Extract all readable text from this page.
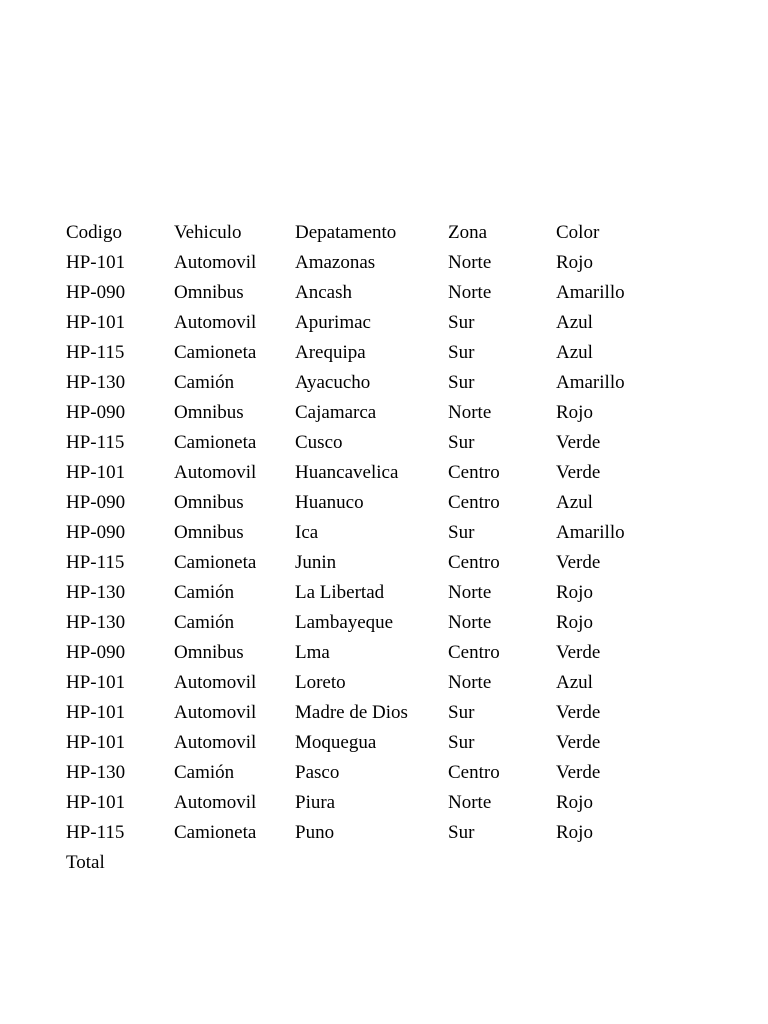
Codigo	Vehiculo	Depatamento	Zona	Color
HP-101	Automovil	Amazonas	Norte	Rojo
HP-090	Omnibus	Ancash	Norte	Amarillo
HP-101	Automovil	Apurimac	Sur	Azul
HP-115	Camioneta	Arequipa	Sur	Azul
HP-130	Camión	Ayacucho	Sur	Amarillo
HP-090	Omnibus	Cajamarca	Norte	Rojo
HP-115	Camioneta	Cusco	Sur	Verde
HP-101	Automovil	Huancavelica	Centro	Verde
HP-090	Omnibus	Huanuco	Centro	Azul
HP-090	Omnibus	Ica	Sur	Amarillo
HP-115	Camioneta	Junin	Centro	Verde
HP-130	Camión	La Libertad	Norte	Rojo
HP-130	Camión	Lambayeque	Norte	Rojo
HP-090	Omnibus	Lma	Centro	Verde
HP-101	Automovil	Loreto	Norte	Azul
HP-101	Automovil	Madre de Dios	Sur	Verde
HP-101	Automovil	Moquegua	Sur	Verde
HP-130	Camión	Pasco	Centro	Verde
HP-101	Automovil	Piura	Norte	Rojo
HP-115	Camioneta	Puno	Sur	Rojo
Total				
